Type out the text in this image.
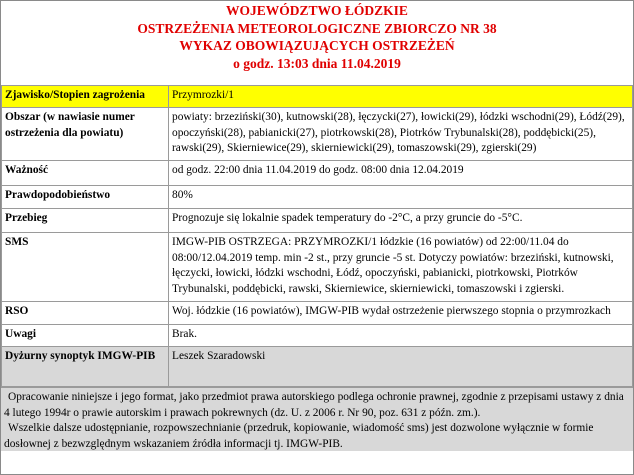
WOJEWÓDZTWO ŁÓDZKIE
OSTRZEŻENIA METEOROLOGICZNE ZBIORCZO NR 38
WYKAZ OBOWIĄZUJĄCYCH OSTRZEŻEŃ
o godz. 13:03 dnia 11.04.2019
Zjawisko/Stopien zagrożenia	Przymrozki/1
Obszar (w nawiasie numer ostrzeżenia dla powiatu)	powiaty: brzeziński(30), kutnowski(28), łęczycki(27), łowicki(29), łódzki wschodni(29), Łódź(29), opoczyński(28), pabianicki(27), piotrkowski(28), Piotrków Trybunalski(28), poddębicki(25), rawski(29), Skierniewice(29), skierniewicki(29), tomaszowski(29), zgierski(29)
Ważność	od godz. 22:00 dnia 11.04.2019 do godz. 08:00 dnia 12.04.2019
Prawdopodobieństwo	80%
Przebieg	Prognozuje się lokalnie spadek temperatury do -2°C, a przy gruncie do -5°C.
SMS	IMGW-PIB OSTRZEGA: PRZYMROZKI/1 łódzkie (16 powiatów) od 22:00/11.04 do 08:00/12.04.2019 temp. min -2 st., przy gruncie -5 st. Dotyczy powiatów: brzeziński, kutnowski, łęczycki, łowicki, łódzki wschodni, Łódź, opoczyński, pabianicki, piotrkowski, Piotrków Trybunalski, poddębicki, rawski, Skierniewice, skierniewicki, tomaszowski i zgierski.
RSO	Woj. łódzkie (16 powiatów), IMGW-PIB wydał ostrzeżenie pierwszego stopnia o przymrozkach
Uwagi	Brak.
Dyżurny synoptyk IMGW-PIB	Leszek Szaradowski

Opracowanie niniejsze i jego format, jako przedmiot prawa autorskiego podlega ochronie prawnej, zgodnie z przepisami ustawy z dnia 4 lutego 1994r o prawie autorskim i prawach pokrewnych (dz. U. z 2006 r. Nr 90, poz. 631 z późn. zm.).

Wszelkie dalsze udostępnianie, rozpowszechnianie (przedruk, kopiowanie, wiadomość sms) jest dozwolone wyłącznie w formie dosłownej z bezwzględnym wskazaniem źródła informacji tj. IMGW-PIB.
